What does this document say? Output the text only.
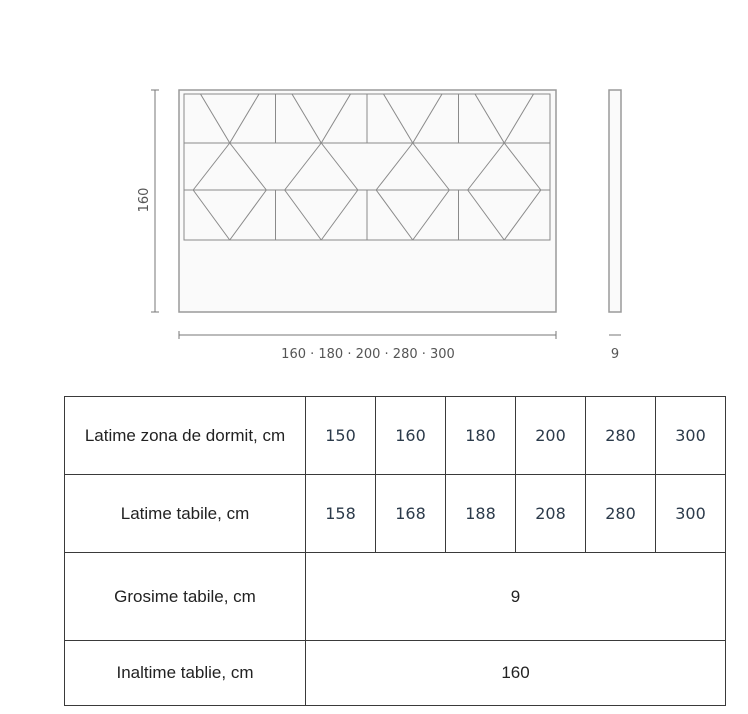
160
160 · 180 · 200 · 280 · 300	9
Latime zona de dormit, cm	150	160	180	200	280	300
Latime tabile, cm	158	168	188	208	280	300
Grosime tabile, cm	9					
Inaltime tablie, cm	160					
